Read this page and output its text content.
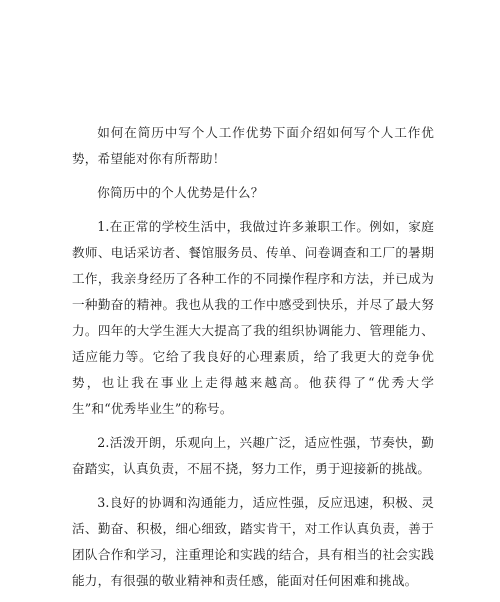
如何在简历中写个人工作优势下面介绍如何写个人工作优势，希望能对你有所帮助！

你简历中的个人优势是什么？

1.在正常的学校生活中，我做过许多兼职工作。例如，家庭教师、电话采访者、餐馆服务员、传单、问卷调查和工厂的暑期工作，我亲身经历了各种工作的不同操作程序和方法，并已成为一种勤奋的精神。我也从我的工作中感受到快乐，并尽了最大努力。四年的大学生涯大大提高了我的组织协调能力、管理能力、适应能力等。它给了我良好的心理素质，给了我更大的竞争优势，也让我在事业上走得越来越高。他获得了“优秀大学生”和“优秀毕业生”的称号。

2.活泼开朗，乐观向上，兴趣广泛，适应性强，节奏快，勤奋踏实，认真负责，不屈不挠，努力工作，勇于迎接新的挑战。

3.良好的协调和沟通能力，适应性强，反应迅速，积极、灵活、勤奋、积极，细心细致，踏实肯干，对工作认真负责，善于团队合作和学习，注重理论和实践的结合，具有相当的社会实践能力，有很强的敬业精神和责任感，能面对任何困难和挑战。
